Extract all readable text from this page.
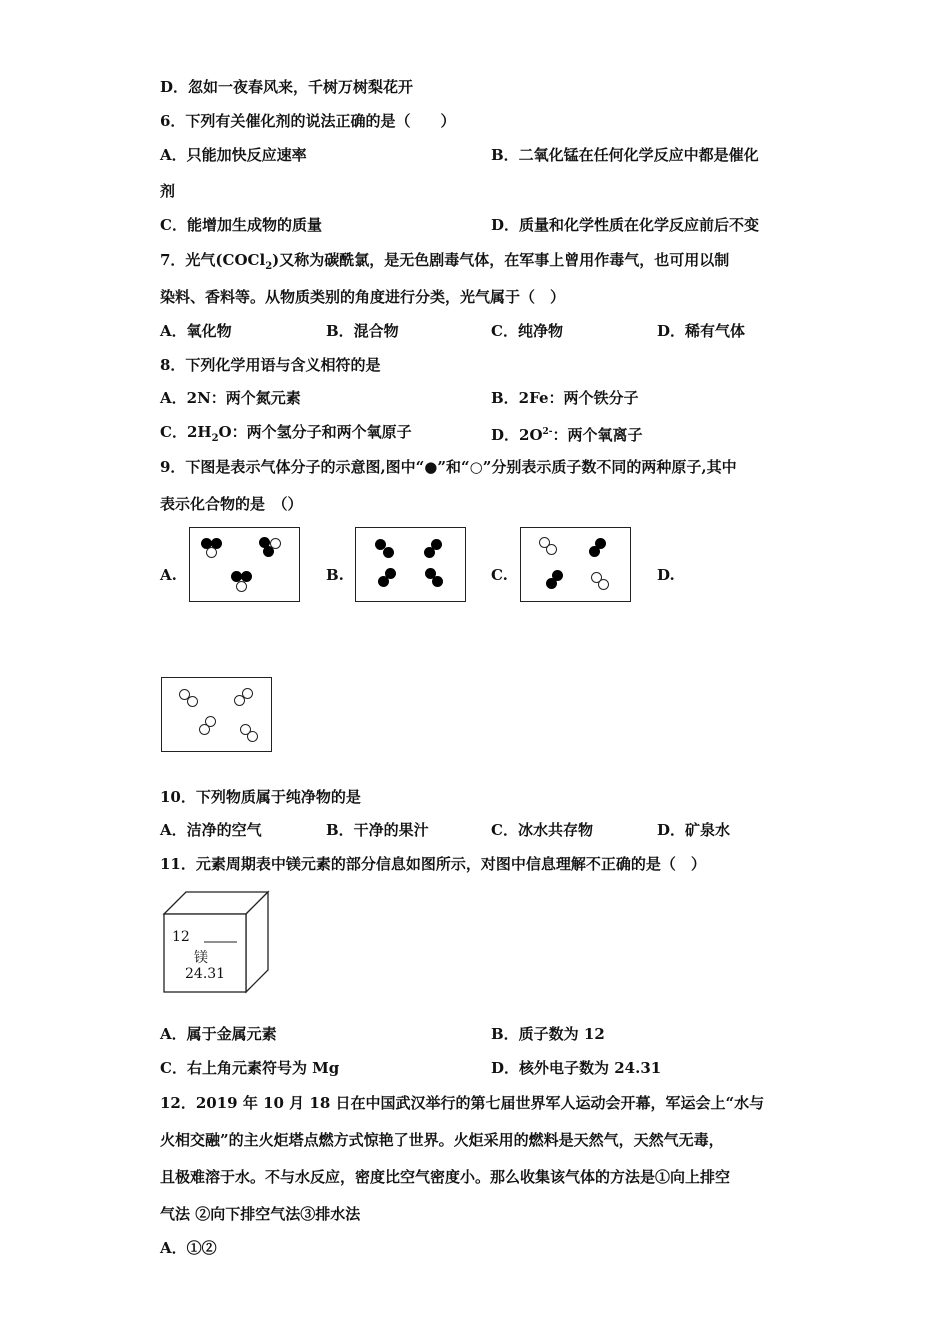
D．忽如一夜春风来，千树万树梨花开
6．下列有关催化剂的说法正确的是（　　）
A．只能加快反应速率	B．二氧化锰在任何化学反应中都是催化
剂
C．能增加生成物的质量	D．质量和化学性质在化学反应前后不变
7．光气(COCl$_2$)又称为碳酰氯，是无色剧毒气体，在军事上曾用作毒气，也可用以制
染料、香料等。从物质类别的角度进行分类，光气属于（　）
A．氧化物	B．混合物	C．纯净物	D．稀有气体
8．下列化学用语与含义相符的是
A．2N：两个氮元素	B．2Fe：两个铁分子
C．$2H_2O$：两个氢分子和两个氧原子	D．$2O^{2-}$：两个氧离子
9．下图是表示气体分子的示意图,图中“●”和“○”分别表示质子数不同的两种原子,其中
表示化合物的是　（）
A.	B.	C.	D.
10．下列物质属于纯净物的是
A．洁净的空气	B．干净的果汁	C．冰水共存物	D．矿泉水
11．元素周期表中镁元素的部分信息如图所示，对图中信息理解不正确的是（　）
12
镁
24.31
A．属于金属元素	B．质子数为 12
C．右上角元素符号为 Mg	D．核外电子数为 24.31
12．2019 年 10 月 18 日在中国武汉举行的第七届世界军人运动会开幕，军运会上“水与
火相交融”的主火炬塔点燃方式惊艳了世界。火炬采用的燃料是天然气，天然气无毒，
且极难溶于水。不与水反应，密度比空气密度小。那么收集该气体的方法是①向上排空
气法 ②向下排空气法③排水法
A．①②
